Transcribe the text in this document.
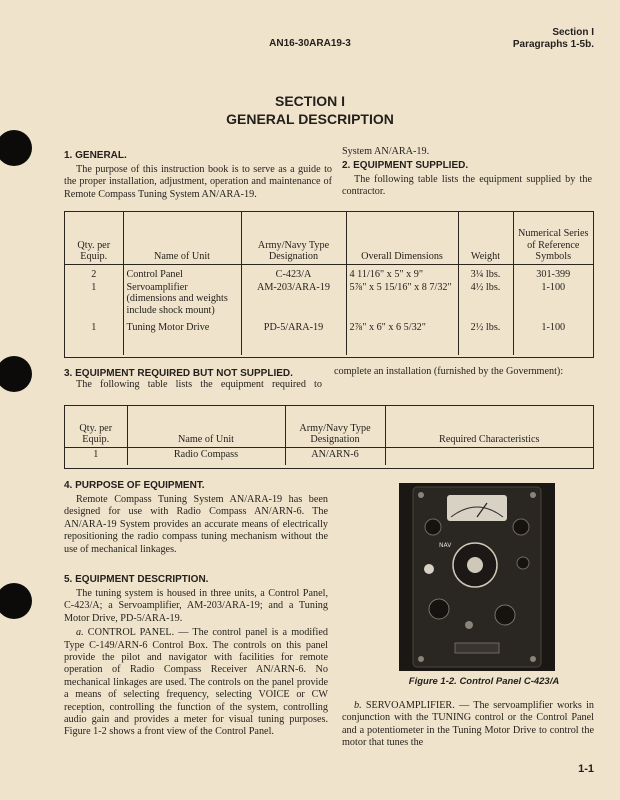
AN16-30ARA19-3
Section I
Paragraphs 1-5b.
SECTION I
GENERAL DESCRIPTION
1. GENERAL.

The purpose of this instruction book is to serve as a guide to the proper installation, adjustment, operation and maintenance of Remote Compass Tuning System AN/ARA-19.

System AN/ARA-19.
2. EQUIPMENT SUPPLIED.

The following table lists the equipment supplied by the contractor.

Qty. per Equip.	Name of Unit	Army/Navy Type Designation	Overall Dimensions	Weight	Numerical Series of Reference Symbols
2	Control Panel	C-423/A	4 11/16" x 5" x 9"	3¼ lbs.	301-399
1	Servoamplifier (dimensions and weights include shock mount)	AM-203/ARA-19	5⅞" x 5 15/16" x 8 7/32"	4½ lbs.	1-100
1	Tuning Motor Drive	PD-5/ARA-19	2⅞" x 6" x 6 5/32"	2½ lbs.	1-100
3. EQUIPMENT REQUIRED BUT NOT SUPPLIED.

The following table lists the equipment required to complete an installation (furnished by the Government):

Qty. per Equip.	Name of Unit	Army/Navy Type Designation	Required Characteristics
1	Radio Compass	AN/ARN-6	
4. PURPOSE OF EQUIPMENT.

Remote Compass Tuning System AN/ARA-19 has been designed for use with Radio Compass AN/ARN-6. The AN/ARA-19 System provides an accurate means of electrically repositioning the radio compass tuning mechanism without the use of mechanical linkages.

5. EQUIPMENT DESCRIPTION.

The tuning system is housed in three units, a Control Panel, C-423/A; a Servoamplifier, AM-203/ARA-19; and a Tuning Motor Drive, PD-5/ARA-19.

a. CONTROL PANEL. — The control panel is a modified Type C-149/ARN-6 Control Box. The controls on this panel provide the pilot and navigator with facilities for remote operation of Radio Compass Receiver AN/ARN-6. No mechanical linkages are used. The controls on the panel provide a means of selecting frequency, selecting VOICE or CW reception, controlling the function of the system, controlling audio gain and provides a meter for visual tuning purposes. Figure 1-2 shows a front view of the Control Panel.

NAV
Figure 1-2. Control Panel C-423/A

b. SERVOAMPLIFIER. — The servoamplifier works in conjunction with the TUNING control or the Control Panel and a potentiometer in the Tuning Motor Drive to control the motor that tunes the

1-1
